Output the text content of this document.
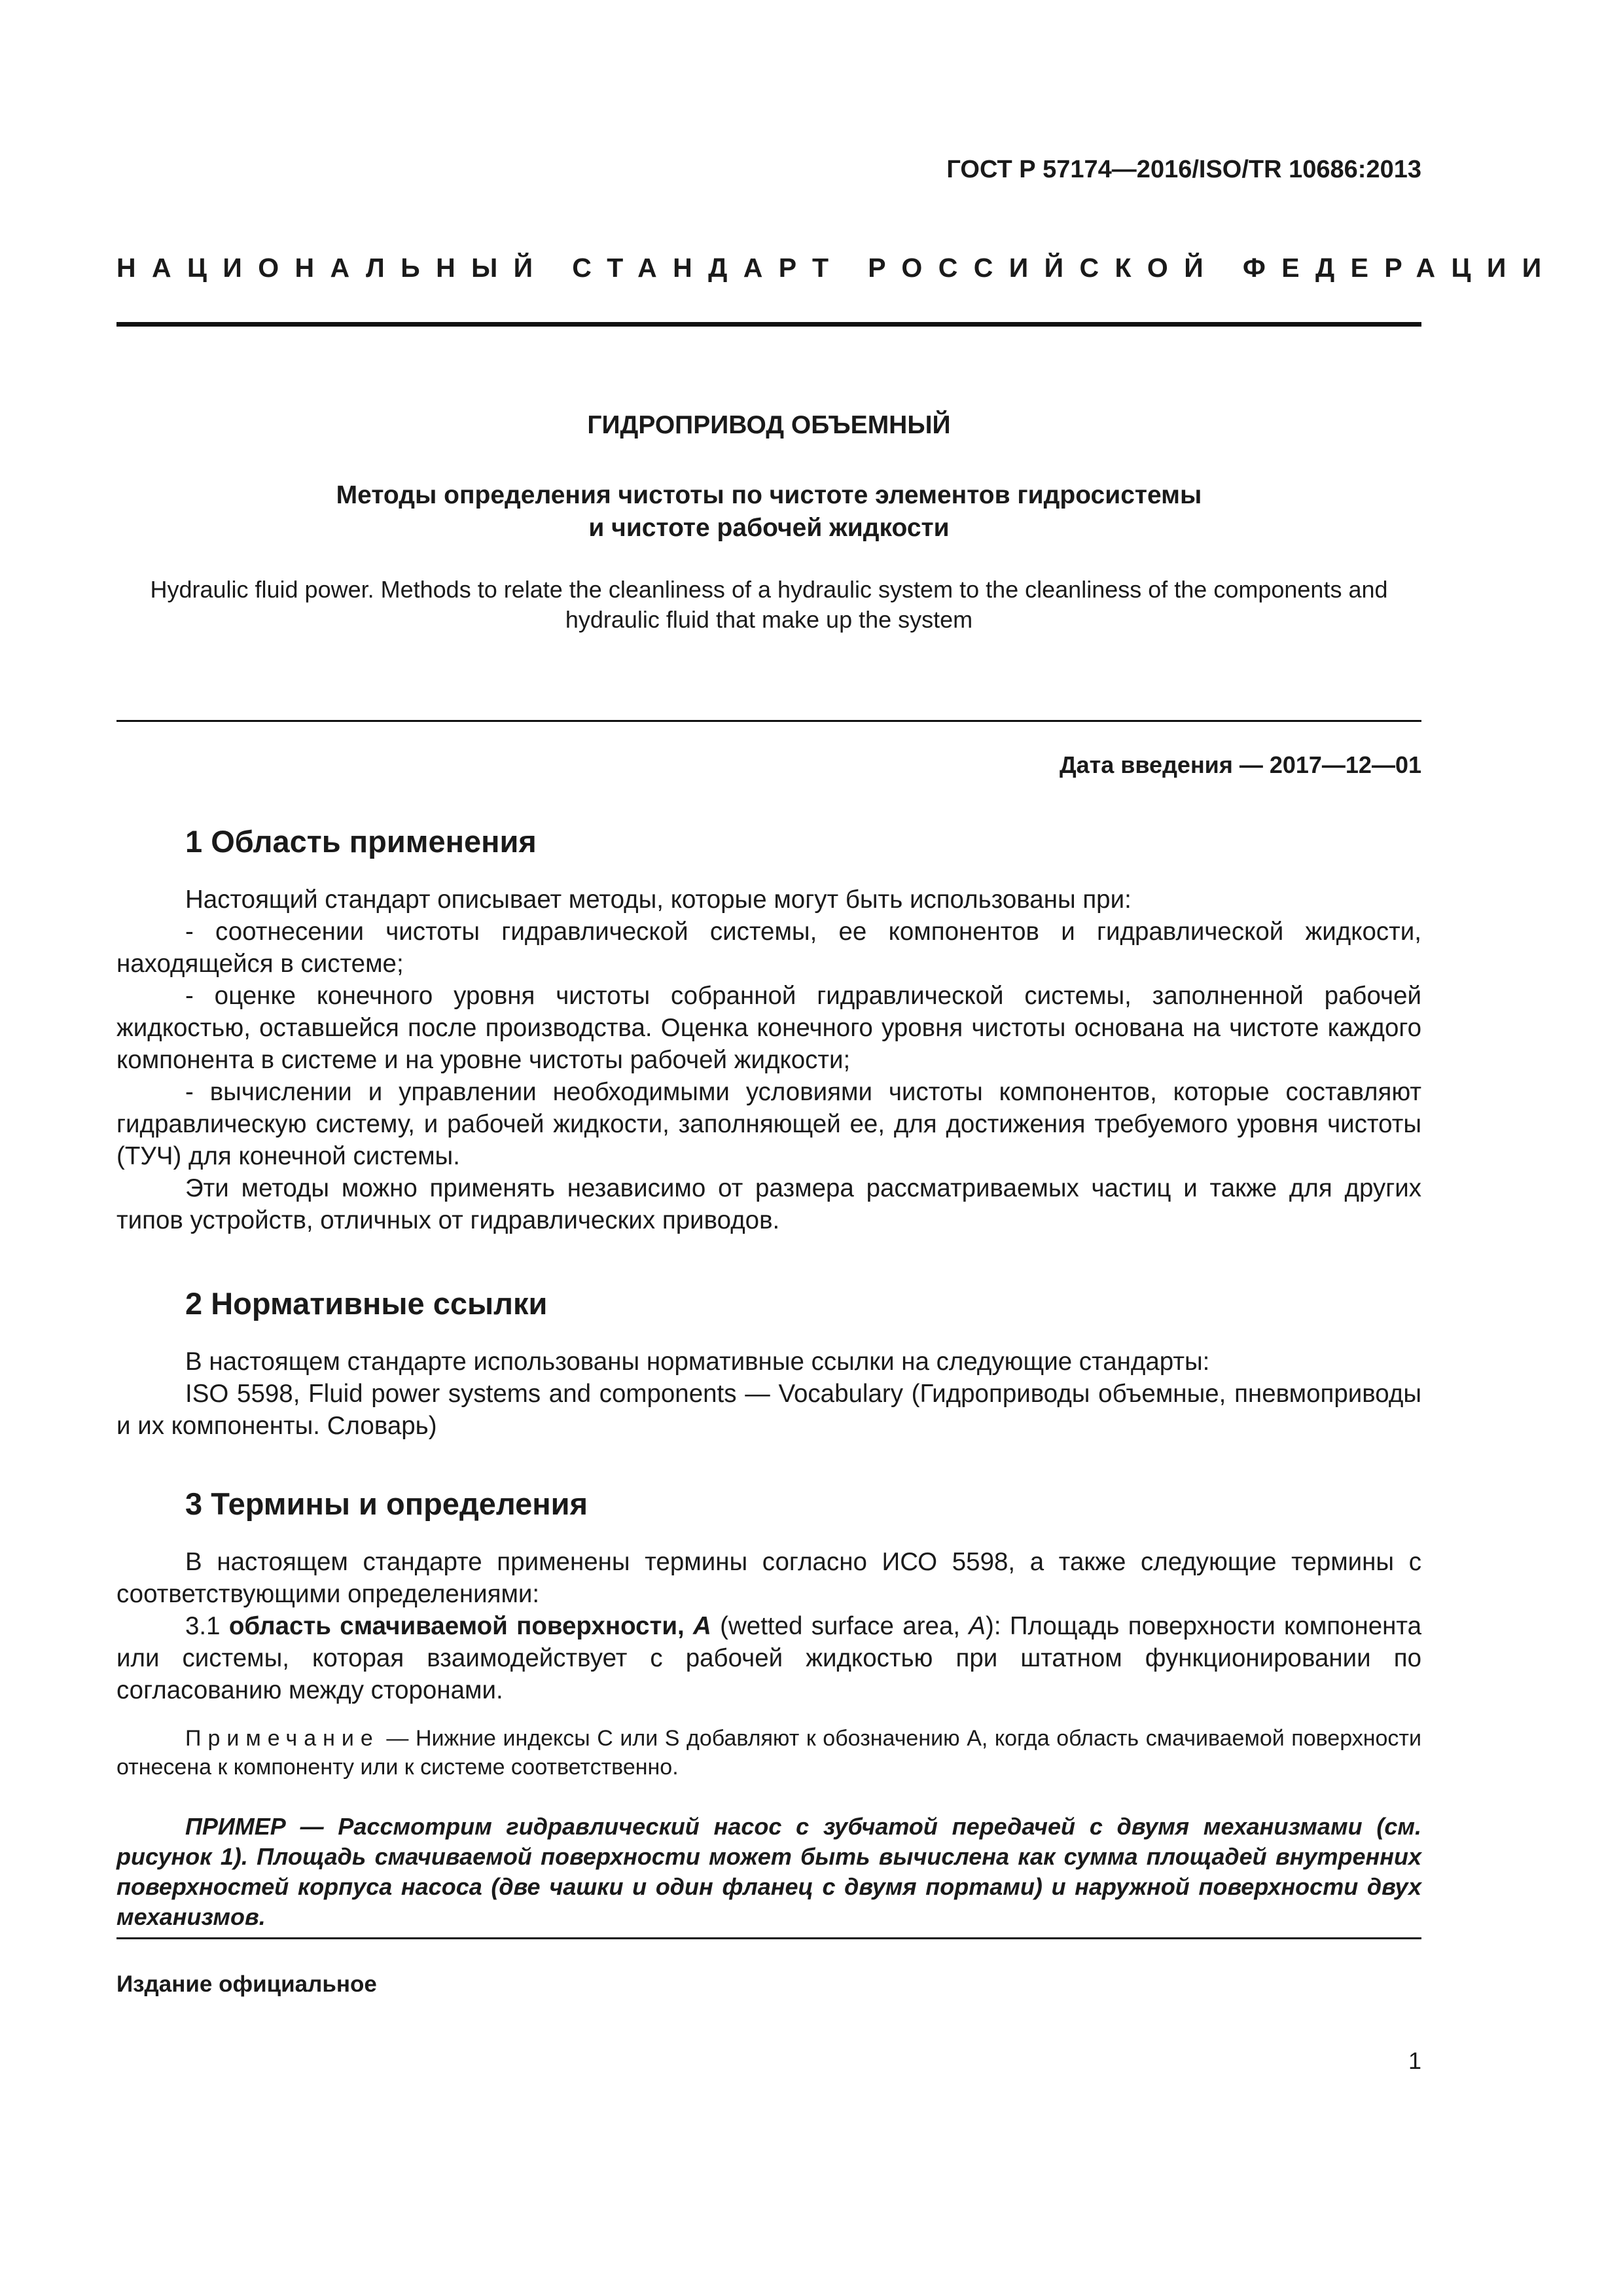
ГОСТ Р 57174—2016/ISO/TR 10686:2013
НАЦИОНАЛЬНЫЙ СТАНДАРТ РОССИЙСКОЙ ФЕДЕРАЦИИ
ГИДРОПРИВОД ОБЪЕМНЫЙ
Методы определения чистоты по чистоте элементов гидросистемы
и чистоте рабочей жидкости
Hydraulic fluid power. Methods to relate the cleanliness of a hydraulic system to the cleanliness of the components and
hydraulic fluid that make up the system
Дата введения — 2017—12—01
1 Область применения

Настоящий стандарт описывает методы, которые могут быть использованы при:

- соотнесении чистоты гидравлической системы, ее компонентов и гидравлической жидкости, находящейся в системе;

- оценке конечного уровня чистоты собранной гидравлической системы, заполненной рабочей жидкостью, оставшейся после производства. Оценка конечного уровня чистоты основана на чистоте каждого компонента в системе и на уровне чистоты рабочей жидкости;

- вычислении и управлении необходимыми условиями чистоты компонентов, которые составляют гидравлическую систему, и рабочей жидкости, заполняющей ее, для достижения требуемого уровня чистоты (ТУЧ) для конечной системы.

Эти методы можно применять независимо от размера рассматриваемых частиц и также для других типов устройств, отличных от гидравлических приводов.

2 Нормативные ссылки

В настоящем стандарте использованы нормативные ссылки на следующие стандарты:

ISO 5598, Fluid power systems and components — Vocabulary (Гидроприводы объемные, пневмоприводы и их компоненты. Словарь)

3 Термины и определения

В настоящем стандарте применены термины согласно ИСО 5598, а также следующие термины с соответствующими определениями:

3.1 область смачиваемой поверхности, A (wetted surface area, A): Площадь поверхности компонента или системы, которая взаимодействует с рабочей жидкостью при штатном функционировании по согласованию между сторонами.

Примечание — Нижние индексы С или S добавляют к обозначению А, когда область смачиваемой поверхности отнесена к компоненту или к системе соответственно.

ПРИМЕР — Рассмотрим гидравлический насос с зубчатой передачей с двумя механизмами (см. рисунок 1). Площадь смачиваемой поверхности может быть вычислена как сумма площадей внутренних поверхностей корпуса насоса (две чашки и один фланец с двумя портами) и наружной поверхности двух механизмов.

Издание официальное
1
